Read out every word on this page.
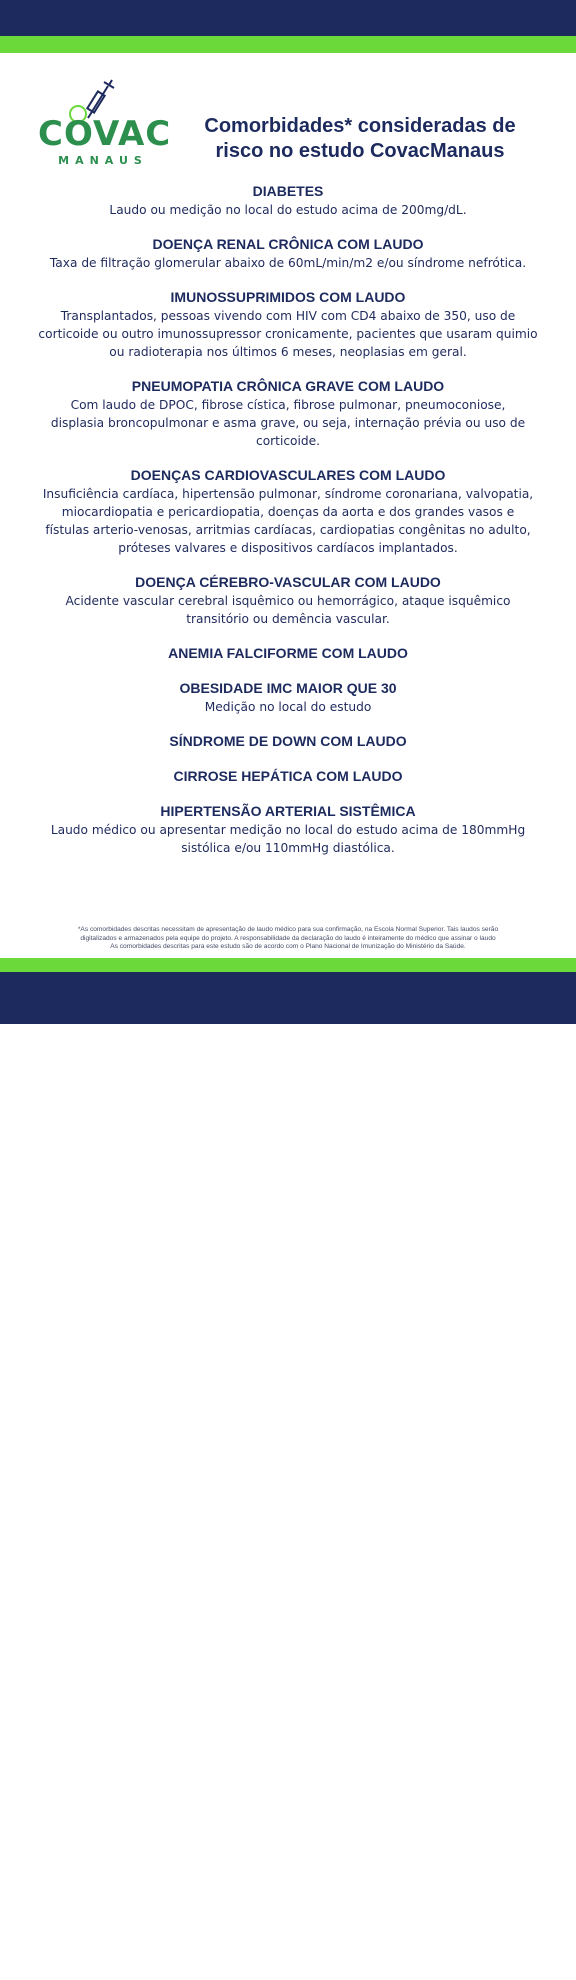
COVAC
MANAUS
Comorbidades* consideradas de
risco no estudo CovacManaus
DIABETES
Laudo ou medição no local do estudo acima de 200mg/dL.
DOENÇA RENAL CRÔNICA COM LAUDO
Taxa de filtração glomerular abaixo de 60mL/min/m2 e/ou síndrome nefrótica.
IMUNOSSUPRIMIDOS COM LAUDO
Transplantados, pessoas vivendo com HIV com CD4 abaixo de 350, uso de
corticoide ou outro imunossupressor cronicamente, pacientes que usaram quimio
ou radioterapia nos últimos 6 meses, neoplasias em geral.
PNEUMOPATIA CRÔNICA GRAVE COM LAUDO
Com laudo de DPOC, fibrose cística, fibrose pulmonar, pneumoconiose,
displasia broncopulmonar e asma grave, ou seja, internação prévia ou uso de
corticoide.
DOENÇAS CARDIOVASCULARES COM LAUDO
Insuficiência cardíaca, hipertensão pulmonar, síndrome coronariana, valvopatia,
miocardiopatia e pericardiopatia, doenças da aorta e dos grandes vasos e
fístulas arterio-venosas, arritmias cardíacas, cardiopatias congênitas no adulto,
próteses valvares e dispositivos cardíacos implantados.
DOENÇA CÉREBRO-VASCULAR COM LAUDO
Acidente vascular cerebral isquêmico ou hemorrágico, ataque isquêmico
transitório ou demência vascular.
ANEMIA FALCIFORME COM LAUDO
OBESIDADE IMC MAIOR QUE 30
Medição no local do estudo
SÍNDROME DE DOWN COM LAUDO
CIRROSE HEPÁTICA COM LAUDO
HIPERTENSÃO ARTERIAL SISTÊMICA
Laudo médico ou apresentar medição no local do estudo acima de 180mmHg
sistólica e/ou 110mmHg diastólica.
*As comorbidades descritas necessitam de apresentação de laudo médico para sua confirmação, na Escola Normal Superior. Tais laudos serão
digitalizados e armazenados pela equipe do projeto. A responsabilidade da declaração do laudo é inteiramente do médico que assinar o laudo
As comorbidades descritas para este estudo são de acordo com o Plano Nacional de Imunização do Ministério da Saúde.
ILMD	Manaus	SEMSA	Educação	Segurança	Saúde	FAPEAM	UEA	AMAZONAS
